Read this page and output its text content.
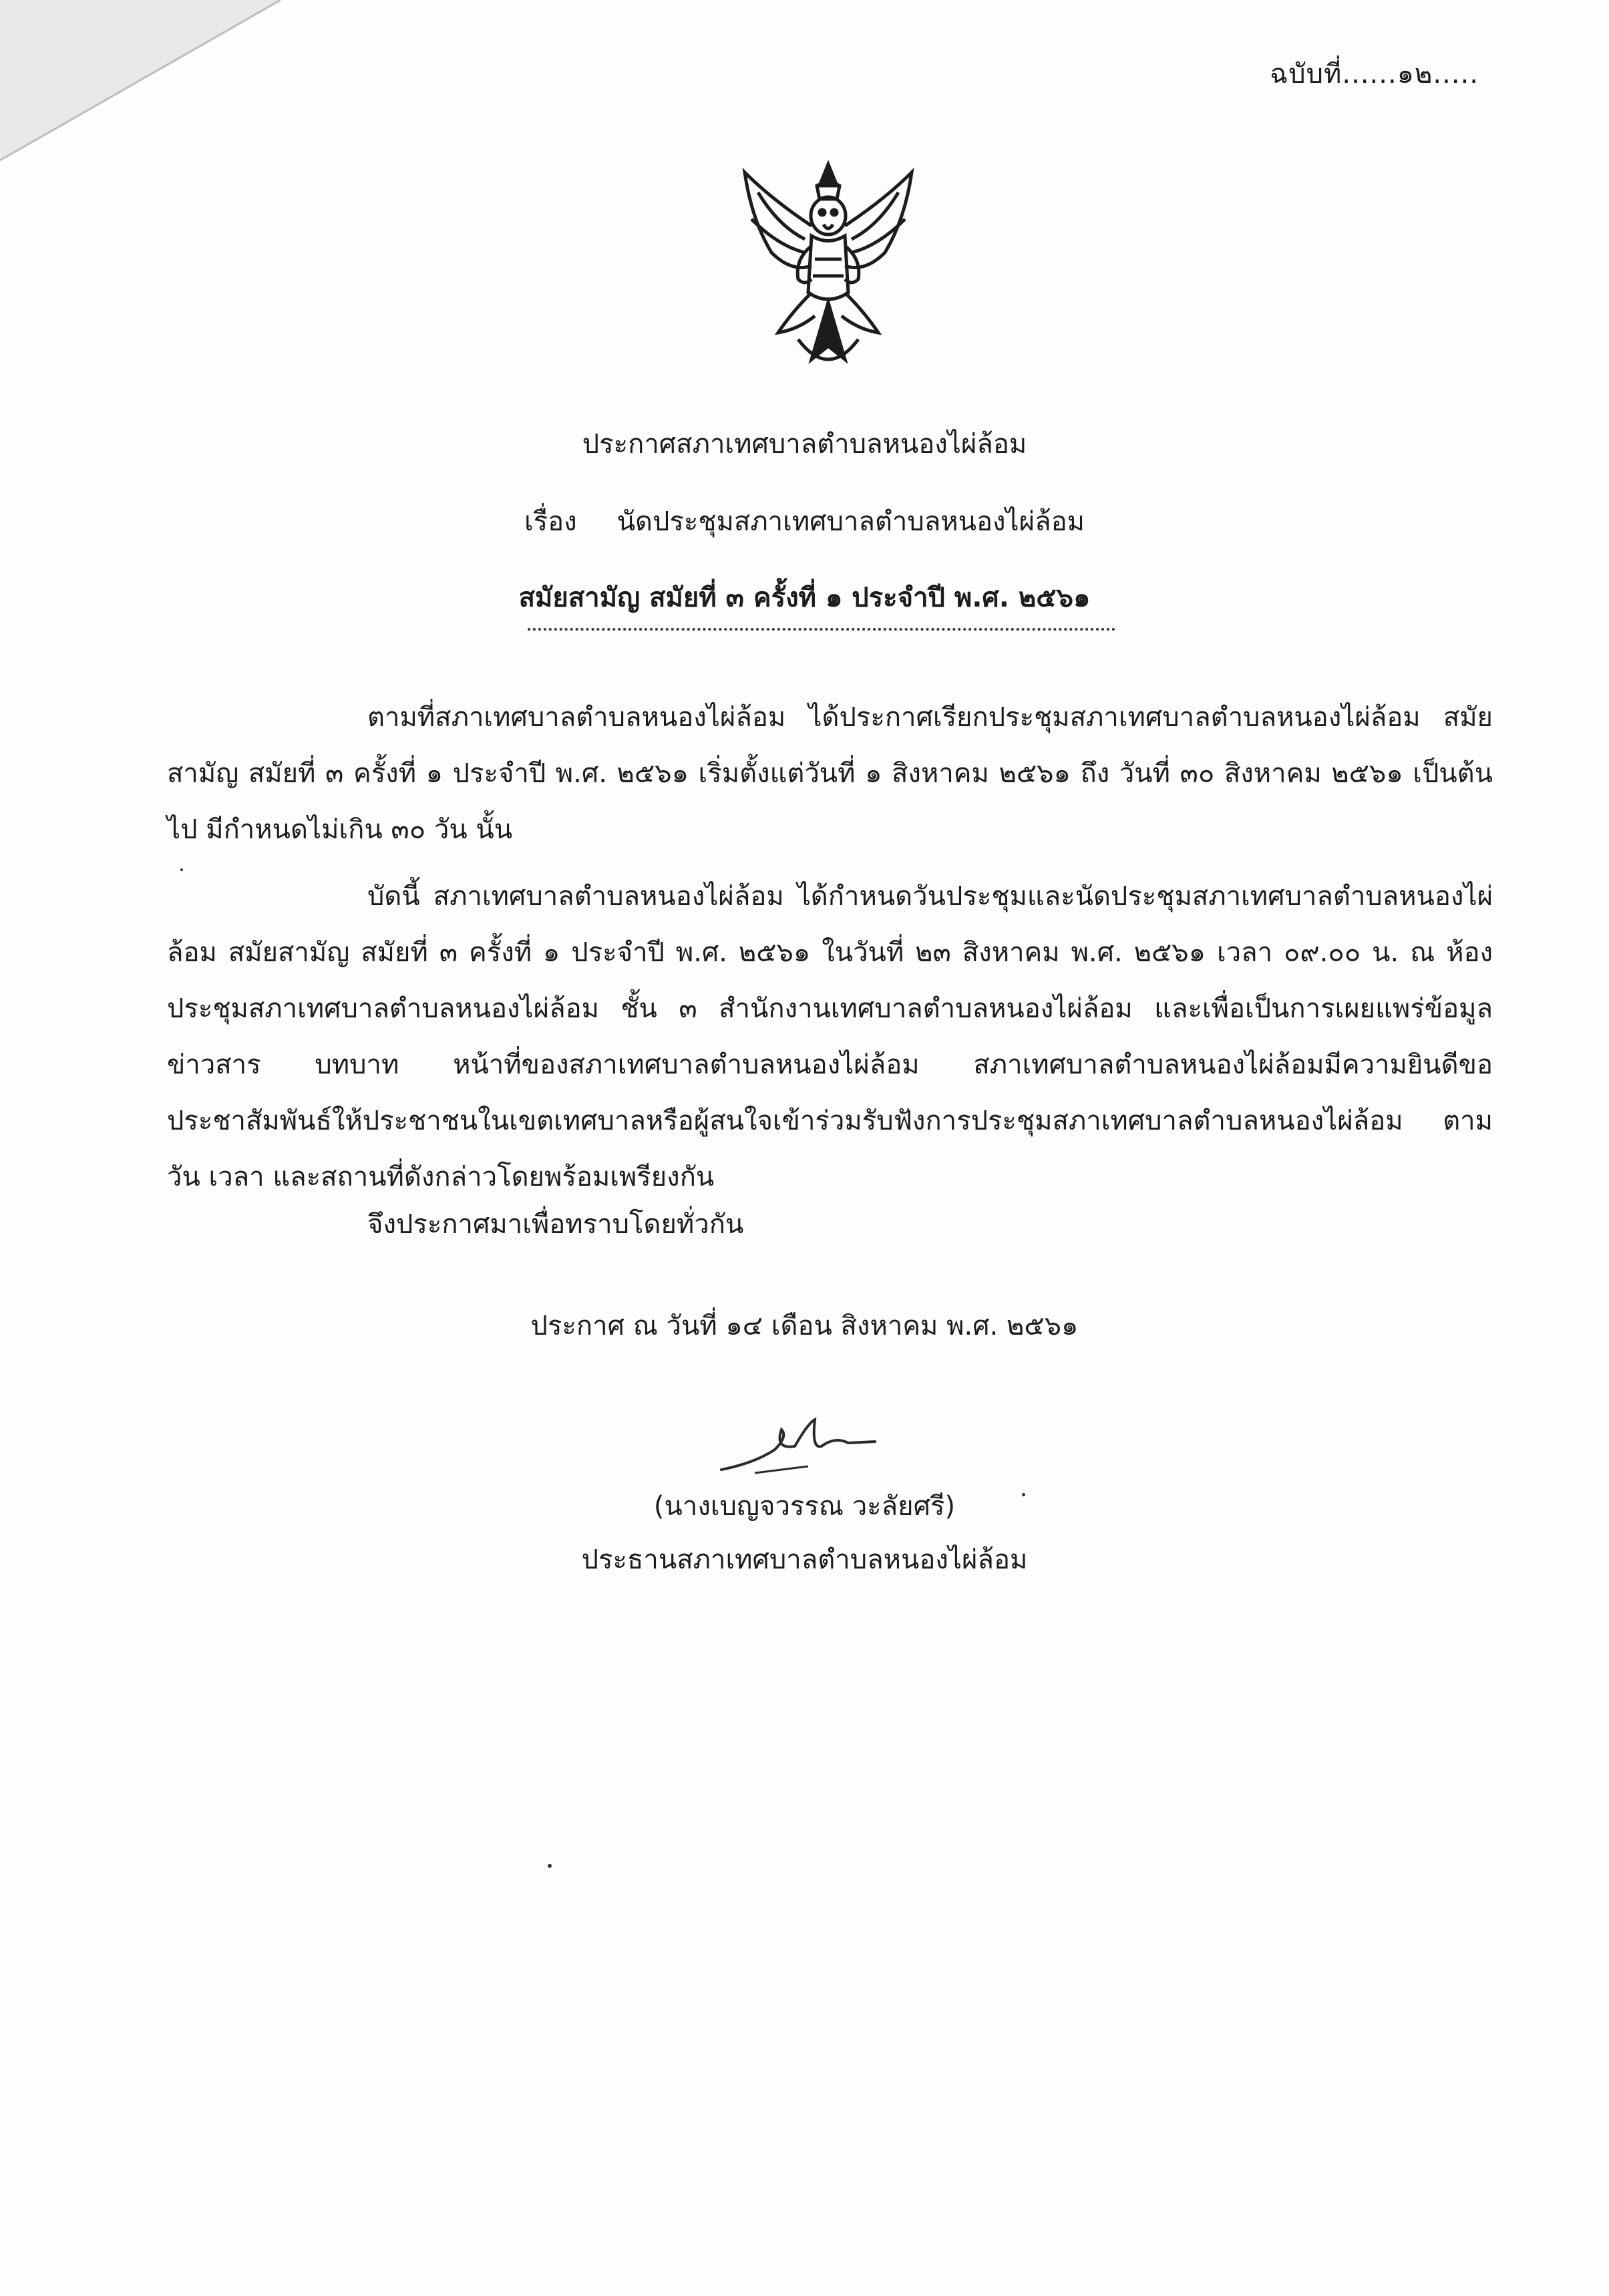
ฉบับที่......๑๒.....
ประกาศสภาเทศบาลตำบลหนองไผ่ล้อม
เรื่อง นัดประชุมสภาเทศบาลตำบลหนองไผ่ล้อม
สมัยสามัญ สมัยที่ ๓ ครั้งที่ ๑ ประจำปี พ.ศ. ๒๕๖๑
ตามที่สภาเทศบาลตำบลหนองไผ่ล้อม ได้ประกาศเรียกประชุมสภาเทศบาลตำบลหนองไผ่ล้อม สมัยสามัญ สมัยที่ ๓ ครั้งที่ ๑ ประจำปี พ.ศ. ๒๕๖๑ เริ่มตั้งแต่วันที่ ๑ สิงหาคม ๒๕๖๑ ถึง วันที่ ๓๐ สิงหาคม ๒๕๖๑ เป็นต้นไป มีกำหนดไม่เกิน ๓๐ วัน นั้น
บัดนี้ สภาเทศบาลตำบลหนองไผ่ล้อม ได้กำหนดวันประชุมและนัดประชุมสภาเทศบาลตำบลหนองไผ่ล้อม สมัยสามัญ สมัยที่ ๓ ครั้งที่ ๑ ประจำปี พ.ศ. ๒๕๖๑ ในวันที่ ๒๓ สิงหาคม พ.ศ. ๒๕๖๑ เวลา ๐๙.๐๐ น. ณ ห้องประชุมสภาเทศบาลตำบลหนองไผ่ล้อม ชั้น ๓ สำนักงานเทศบาลตำบลหนองไผ่ล้อม และเพื่อเป็นการเผยแพร่ข้อมูลข่าวสาร บทบาท หน้าที่ของสภาเทศบาลตำบลหนองไผ่ล้อม สภาเทศบาลตำบลหนองไผ่ล้อมมีความยินดีขอประชาสัมพันธ์ให้ประชาชนในเขตเทศบาลหรือผู้สนใจเข้าร่วมรับฟังการประชุมสภาเทศบาลตำบลหนองไผ่ล้อม ตามวัน เวลา และสถานที่ดังกล่าวโดยพร้อมเพรียงกัน
จึงประกาศมาเพื่อทราบโดยทั่วกัน
ประกาศ ณ วันที่ ๑๔ เดือน สิงหาคม พ.ศ. ๒๕๖๑
(นางเบญจวรรณ วะลัยศรี)
ประธานสภาเทศบาลตำบลหนองไผ่ล้อม
